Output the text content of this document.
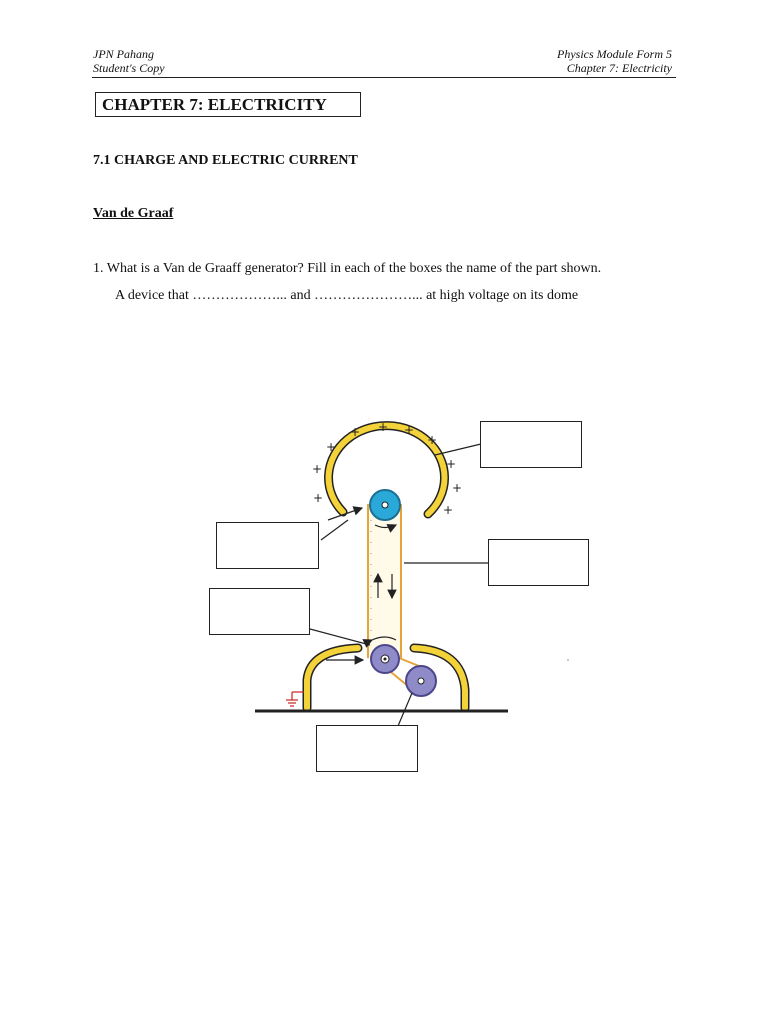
JPN Pahang
Student's Copy
Physics Module Form 5
Chapter 7: Electricity
CHAPTER 7: ELECTRICITY
7.1 CHARGE AND ELECTRIC CURRENT
Van de Graaf
1. What is a Van de Graaff generator? Fill in each of the boxes the name of the part shown.
A device that ………………... and …………………... at high voltage on its dome
+ + +
+
+
+
+
+
+
+
